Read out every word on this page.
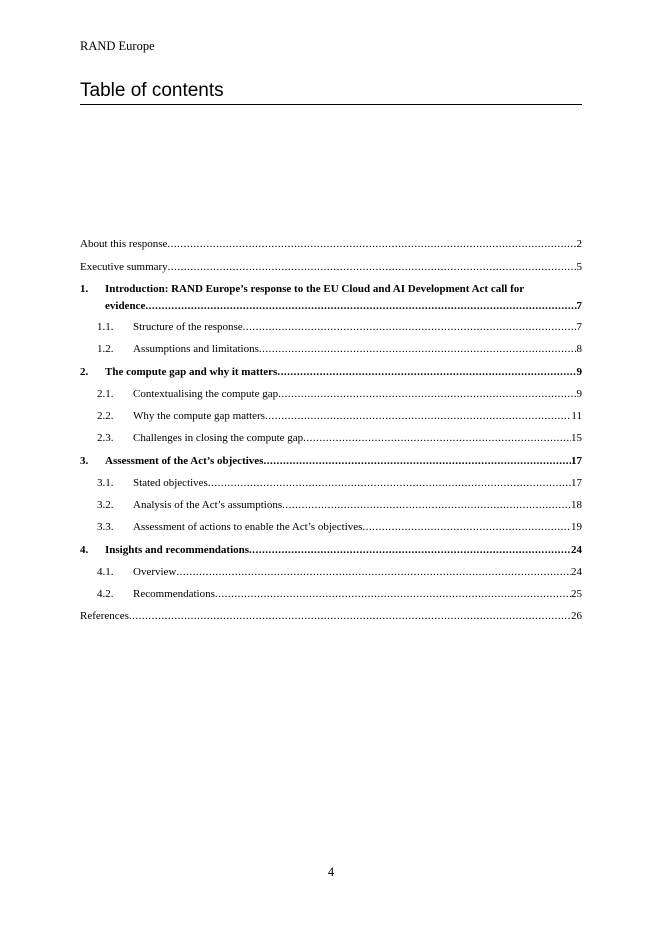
RAND Europe
Table of contents
About this response .....	2
Executive summary .....	5
1.	Introduction: RAND Europe’s response to the EU Cloud and AI Development Act call for
evidence .....	7
1.1.	Structure of the response .....	7
1.2.	Assumptions and limitations .....	8
2.	The compute gap and why it matters .....	9
2.1.	Contextualising the compute gap .....	9
2.2.	Why the compute gap matters .....	11
2.3.	Challenges in closing the compute gap .....	15
3.	Assessment of the Act’s objectives .....	17
3.1.	Stated objectives .....	17
3.2.	Analysis of the Act’s assumptions .....	18
3.3.	Assessment of actions to enable the Act’s objectives .....	19
4.	Insights and recommendations .....	24
4.1.	Overview .....	24
4.2.	Recommendations .....	25
References .....	26
4
